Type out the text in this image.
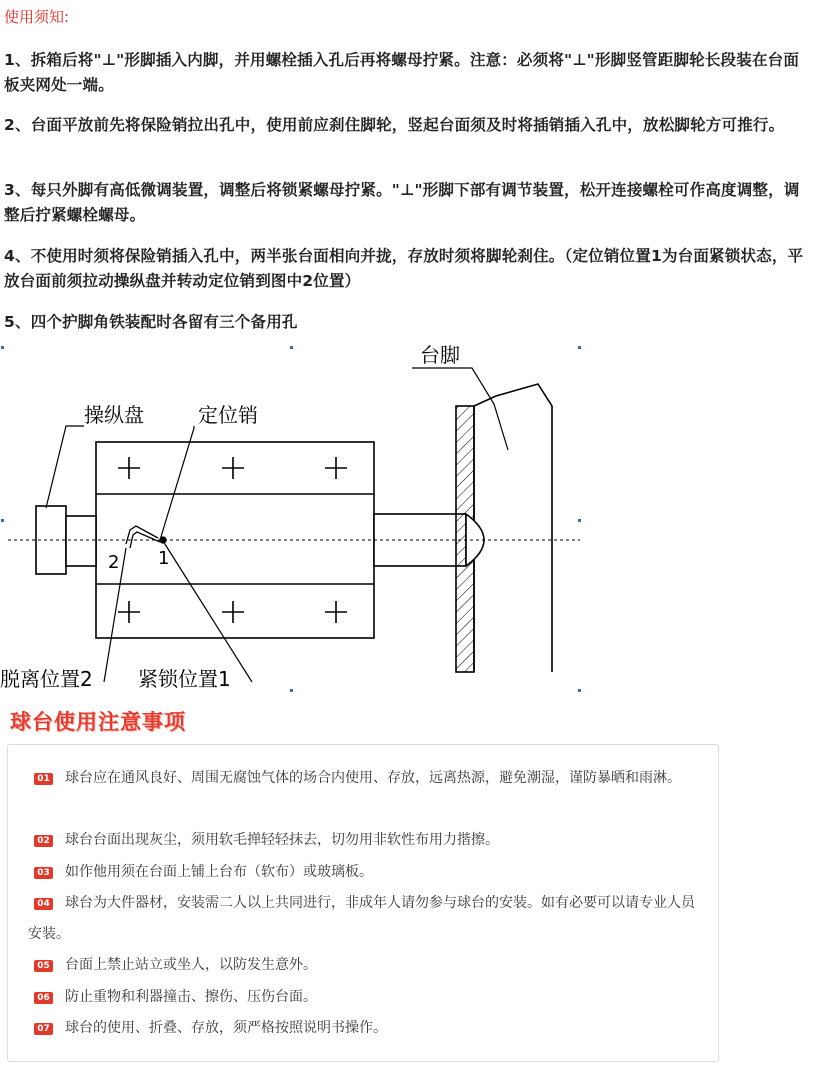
使用须知:
1、拆箱后将"⊥"形脚插入内脚，并用螺栓插入孔后再将螺母拧紧。注意：必须将"⊥"形脚竖管距脚轮长段装在台面板夹网处一端。
2、台面平放前先将保险销拉出孔中，使用前应刹住脚轮，竖起台面须及时将插销插入孔中，放松脚轮方可推行。
3、每只外脚有高低微调装置，调整后将锁紧螺母拧紧。"⊥"形脚下部有调节装置，松开连接螺栓可作高度调整，调整后拧紧螺栓螺母。
4、不使用时须将保险销插入孔中，两半张台面相向并拢，存放时须将脚轮刹住。（定位销位置1为台面紧锁状态，平放台面前须拉动操纵盘并转动定位销到图中2位置）
5、四个护脚角铁装配时各留有三个备用孔
台脚
操纵盘	定位销
2 1
脱离位置2 紧锁位置1
球台使用注意事项
01 球台应在通风良好、周围无腐蚀气体的场合内使用、存放，远离热源，避免潮湿，谨防暴晒和雨淋。
02 球台台面出现灰尘，须用软毛掸轻轻抹去，切勿用非软性布用力揩擦。
03 如作他用须在台面上铺上台布（软布）或玻璃板。
04 球台为大件器材，安装需二人以上共同进行，非成年人请勿参与球台的安装。如有必要可以请专业人员安装。
05 台面上禁止站立或坐人，以防发生意外。
06 防止重物和利器撞击、擦伤、压伤台面。
07 球台的使用、折叠、存放，须严格按照说明书操作。
